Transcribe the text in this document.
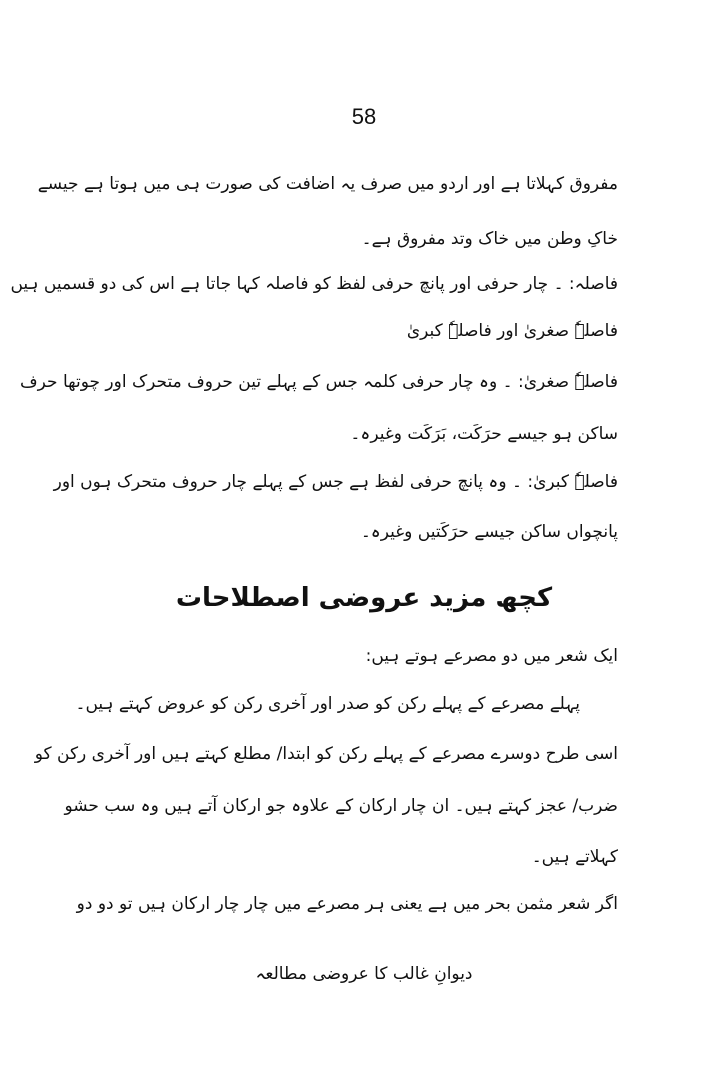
58
مفروق کہلاتا ہے اور اردو میں صرف یہ اضافت کی صورت ہی میں ہوتا ہے جیسے
خاکِ وطن میں خاک وتد مفروق ہے۔
فاصلہ: ۔ چار حرفی اور پانچ حرفی لفظ کو فاصلہ کہا جاتا ہے اس کی دو قسمیں ہیں
فاصلہٗ صغریٰ اور فاصلہٗ کبریٰ
فاصلہٗ صغریٰ: ۔ وہ چار حرفی کلمہ جس کے پہلے تین حروف متحرک اور چوتھا حرف
ساکن ہو جیسے حرَکَت، بَرَکَت وغیرہ۔
فاصلہٗ کبریٰ: ۔ وہ پانچ حرفی لفظ ہے جس کے پہلے چار حروف متحرک ہوں اور
پانچواں ساکن جیسے حرَکَتیں وغیرہ۔
کچھ مزید عروضی اصطلاحات
ایک شعر میں دو مصرعے ہوتے ہیں:
پہلے مصرعے کے پہلے رکن کو صدر اور آخری رکن کو عروض کہتے ہیں۔
اسی طرح دوسرے مصرعے کے پہلے رکن کو ابتدا/ مطلع کہتے ہیں اور آخری رکن کو
ضرب/ عجز کہتے ہیں۔ ان چار ارکان کے علاوہ جو ارکان آتے ہیں وہ سب حشو
کہلاتے ہیں۔
اگر شعر مثمن بحر میں ہے یعنی ہر مصرعے میں چار چار ارکان ہیں تو دو دو
دیوانِ غالب کا عروضی مطالعہ
